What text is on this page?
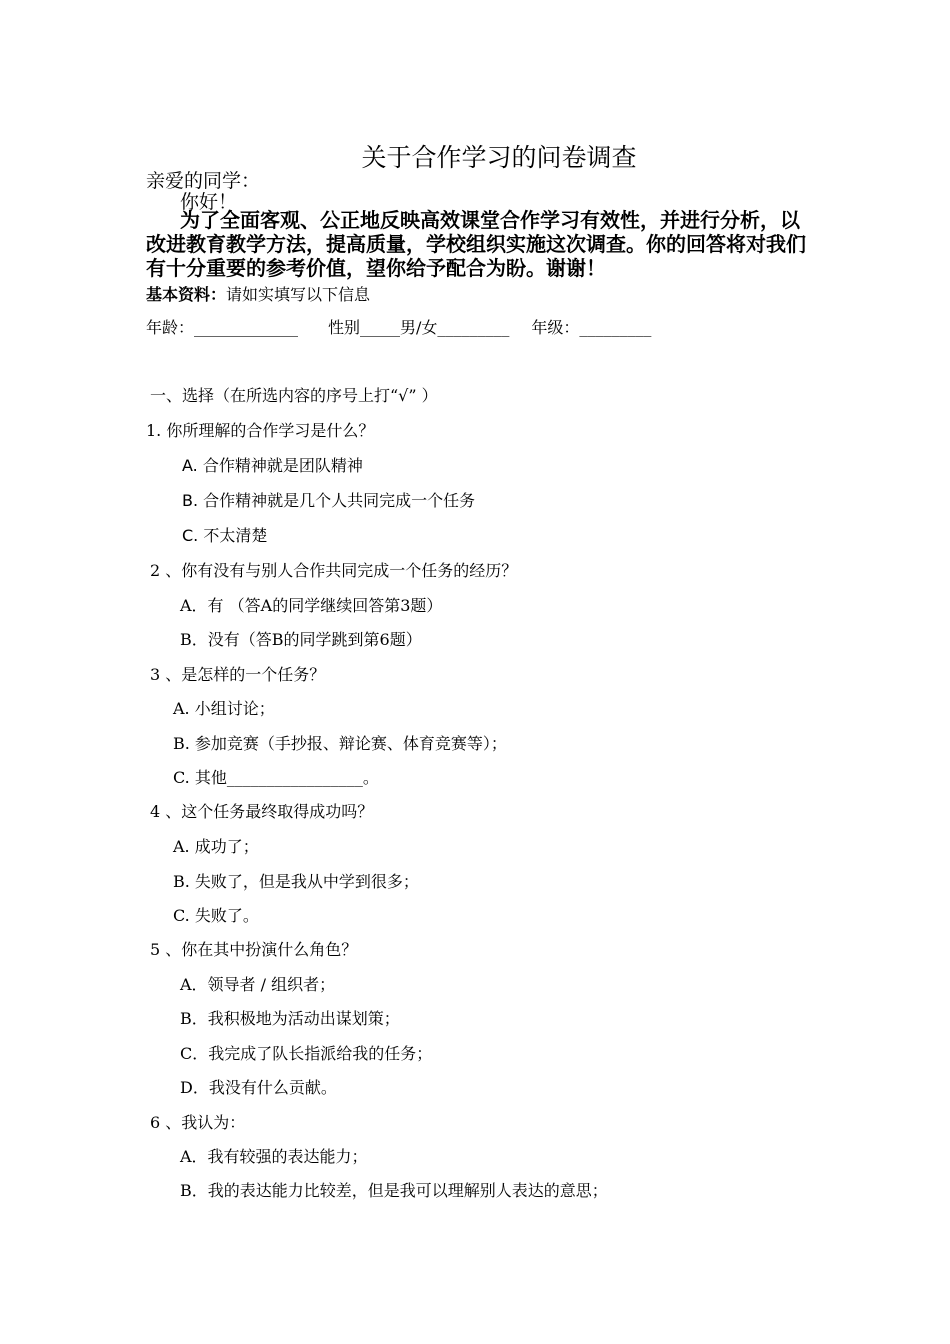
关于合作学习的问卷调查
亲爱的同学：
你好！
为了全面客观、公正地反映高效课堂合作学习有效性，并进行分析，以改进教育教学方法，提高质量，学校组织实施这次调查。你的回答将对我们有十分重要的参考价值，望你给予配合为盼。谢谢！
基本资料：请如实填写以下信息
年龄：_____________ 性别_____男/女_________ 年级：_________
一、选择（在所选内容的序号上打“√” ）
1. 你所理解的合作学习是什么？
A. 合作精神就是团队精神
B. 合作精神就是几个人共同完成一个任务
C. 不太清楚
2 、你有没有与别人合作共同完成一个任务的经历？
A．有 （答A的同学继续回答第3题）
B．没有（答B的同学跳到第6题）
3 、是怎样的一个任务？
A. 小组讨论；
B. 参加竞赛（手抄报、辩论赛、体育竞赛等）；
C. 其他_________________。
4 、这个任务最终取得成功吗？
A. 成功了；
B. 失败了，但是我从中学到很多；
C. 失败了。
5 、你在其中扮演什么角色？
A．领导者 / 组织者；
B．我积极地为活动出谋划策；
C．我完成了队长指派给我的任务；
D．我没有什么贡献。
6 、我认为：
A．我有较强的表达能力；
B．我的表达能力比较差，但是我可以理解别人表达的意思；
